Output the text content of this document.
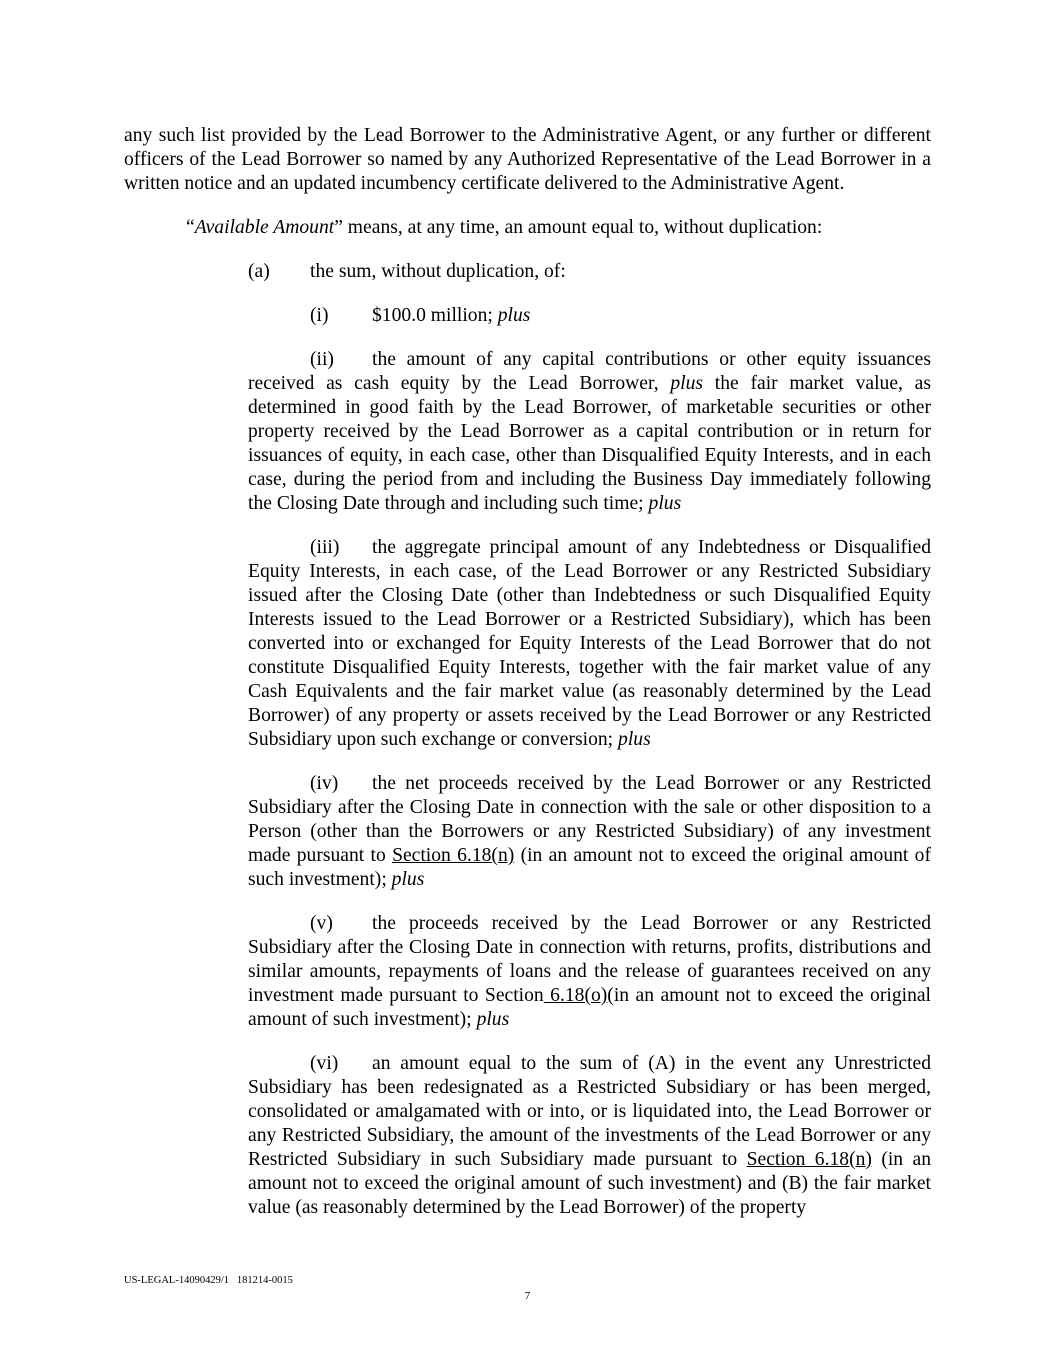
any such list provided by the Lead Borrower to the Administrative Agent, or any further or different officers of the Lead Borrower so named by any Authorized Representative of the Lead Borrower in a written notice and an updated incumbency certificate delivered to the Administrative Agent.

“Available Amount” means, at any time, an amount equal to, without duplication:

(a) the sum, without duplication, of:

(i) $100.0 million; plus

(ii) the amount of any capital contributions or other equity issuances received as cash equity by the Lead Borrower, plus the fair market value, as determined in good faith by the Lead Borrower, of marketable securities or other property received by the Lead Borrower as a capital contribution or in return for issuances of equity, in each case, other than Disqualified Equity Interests, and in each case, during the period from and including the Business Day immediately following the Closing Date through and including such time; plus

(iii) the aggregate principal amount of any Indebtedness or Disqualified Equity Interests, in each case, of the Lead Borrower or any Restricted Subsidiary issued after the Closing Date (other than Indebtedness or such Disqualified Equity Interests issued to the Lead Borrower or a Restricted Subsidiary), which has been converted into or exchanged for Equity Interests of the Lead Borrower that do not constitute Disqualified Equity Interests, together with the fair market value of any Cash Equivalents and the fair market value (as reasonably determined by the Lead Borrower) of any property or assets received by the Lead Borrower or any Restricted Subsidiary upon such exchange or conversion; plus

(iv) the net proceeds received by the Lead Borrower or any Restricted Subsidiary after the Closing Date in connection with the sale or other disposition to a Person (other than the Borrowers or any Restricted Subsidiary) of any investment made pursuant to Section 6.18(n) (in an amount not to exceed the original amount of such investment); plus

(v) the proceeds received by the Lead Borrower or any Restricted Subsidiary after the Closing Date in connection with returns, profits, distributions and similar amounts, repayments of loans and the release of guarantees received on any investment made pursuant to Section 6.18(o)(in an amount not to exceed the original amount of such investment); plus

(vi) an amount equal to the sum of (A) in the event any Unrestricted Subsidiary has been redesignated as a Restricted Subsidiary or has been merged, consolidated or amalgamated with or into, or is liquidated into, the Lead Borrower or any Restricted Subsidiary, the amount of the investments of the Lead Borrower or any Restricted Subsidiary in such Subsidiary made pursuant to Section 6.18(n) (in an amount not to exceed the original amount of such investment) and (B) the fair market value (as reasonably determined by the Lead Borrower) of the property

US-LEGAL-14090429/1   181214-0015
7
